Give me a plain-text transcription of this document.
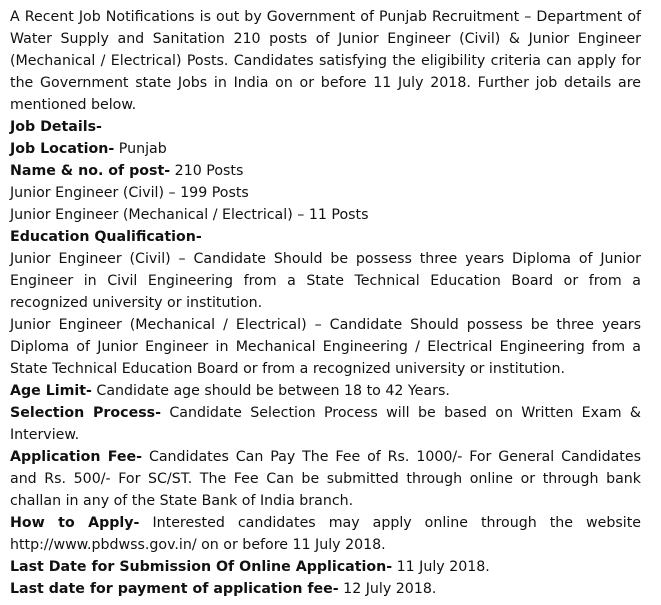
A Recent Job Notifications is out by Government of Punjab Recruitment – Department of Water Supply and Sanitation 210 posts of Junior Engineer (Civil) & Junior Engineer (Mechanical / Electrical) Posts. Candidates satisfying the eligibility criteria can apply for the Government state Jobs in India on or before 11 July 2018. Further job details are mentioned below.

Job Details-

Job Location- Punjab

Name & no. of post- 210 Posts

Junior Engineer (Civil) – 199 Posts

Junior Engineer (Mechanical / Electrical) – 11 Posts

Education Qualification-

Junior Engineer (Civil) – Candidate Should be possess three years Diploma of Junior Engineer in Civil Engineering from a State Technical Education Board or from a recognized university or institution.

Junior Engineer (Mechanical / Electrical) – Candidate Should possess be three years Diploma of Junior Engineer in Mechanical Engineering / Electrical Engineering from a State Technical Education Board or from a recognized university or institution.

Age Limit- Candidate age should be between 18 to 42 Years.

Selection Process- Candidate Selection Process will be based on Written Exam & Interview.

Application Fee- Candidates Can Pay The Fee of Rs. 1000/- For General Candidates and Rs. 500/- For SC/ST. The Fee Can be submitted through online or through bank challan in any of the State Bank of India branch.

How to Apply- Interested candidates may apply online through the website http://www.pbdwss.gov.in/ on or before 11 July 2018.

Last Date for Submission Of Online Application- 11 July 2018.

Last date for payment of application fee- 12 July 2018.
